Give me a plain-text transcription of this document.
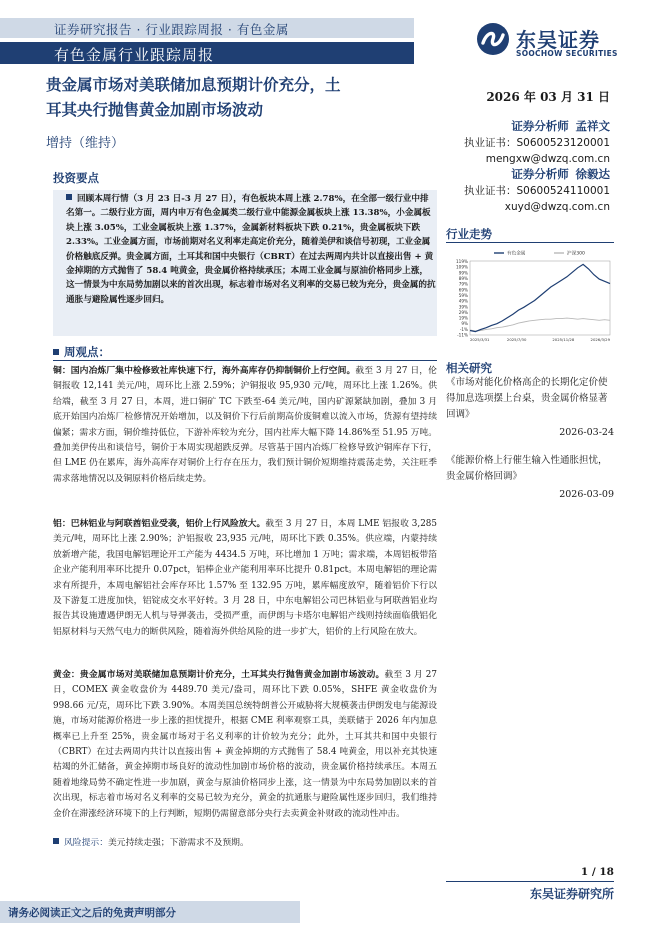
证券研究报告 · 行业跟踪周报 · 有色金属
有色金属行业跟踪周报
东吴证券
SOOCHOW SECURITIES
贵金属市场对美联储加息预期计价充分，土
耳其央行抛售黄金加剧市场波动
增持（维持）
2026 年 03 月 31 日
证券分析师 孟祥文
执业证书：S0600523120001
mengxw@dwzq.com.cn
证券分析师 徐毅达
执业证书：S0600524110001
xuyd@dwzq.com.cn
投资要点
回顾本周行情（3 月 23 日-3 月 27 日），有色板块本周上涨 2.78%，在全部一级行业中排名第一。二级行业方面，周内申万有色金属类二级行业中能源金属板块上涨 13.38%，小金属板块上涨 3.05%，工业金属板块上涨 1.37%，金属新材料板块下跌 0.21%，贵金属板块下跌 2.33%。工业金属方面，市场前期对名义利率走高定价充分，随着美伊和谈信号初现，工业金属价格触底反弹。贵金属方面，土耳其和国中央银行（CBRT）在过去两周内共计以直接出售 + 黄金掉期的方式抛售了 58.4 吨黄金，贵金属价格持续承压；本周工业金属与原油价格同步上涨，这一情景为中东局势加剧以来的首次出现，标志着市场对名义利率的交易已较为充分，贵金属的抗通胀与避险属性逐步回归。
行业走势
-11%
-1%
9%
19%
29%
39%
49%
59%
69%
79%
89%
99%
109%
119%
2025/3/31	2025/7/30	2025/11/28	2026/3/29
有色金属	沪深300
相关研究
《市场对能化价格高企的长期化定价使得加息选项摆上台桌，贵金属价格显著回调》
2026-03-24
《能源价格上行催生输入性通胀担忧，贵金属价格回调》
2026-03-09
周观点：
铜：国内冶炼厂集中检修致社库快速下行，海外高库存仍抑制铜价上行空间。截至 3 月 27 日，伦铜报收 12,141 美元/吨，周环比上涨 2.59%；沪铜报收 95,930 元/吨，周环比上涨 1.26%。供给端，截至 3 月 27 日，本周，进口铜矿 TC 下跌至-64 美元/吨，国内矿源紧缺加剧，叠加 3 月底开始国内冶炼厂检修情况开始增加，以及铜价下行后前期高价废铜难以流入市场，货源有望持续偏紧；需求方面，铜价维持低位，下游补库较为充分，国内社库大幅下降 14.86%至 51.95 万吨。叠加美伊传出和谈信号，铜价于本周实现超跌反弹。尽管基于国内冶炼厂检修导致沪铜库存下行，但 LME 仍在累库，海外高库存对铜价上行存在压力，我们预计铜价短期维持震荡走势，关注旺季需求落地情况以及铜原料价格后续走势。
铝：巴林铝业与阿联酋铝业受袭，铝价上行风险放大。截至 3 月 27 日，本周 LME 铝报收 3,285 美元/吨，周环比上涨 2.90%；沪铝报收 23,935 元/吨，周环比下跌 0.35%。供应端，内蒙持续放新增产能，我国电解铝理论开工产能为 4434.5 万吨，环比增加 1 万吨；需求端，本周铝板带箔企业产能利用率环比提升 0.07pct，铝棒企业产能利用率环比提升 0.81pct。本周电解铝的理论需求有所提升，本周电解铝社会库存环比 1.57% 至 132.95 万吨，累库幅度放窄，随着铝价下行以及下游复工进度加快，铝锭成交水平好转。3 月 28 日，中东电解铝公司巴林铝业与阿联酋铝业均报告其设施遭遇伊朗无人机与导弹袭击，受损严重，而伊朗与卡塔尔电解铝产线则持续面临俄铝化铝原材料与天然气电力的断供风险，随着海外供给风险的进一步扩大，铝价的上行风险在放大。
黄金：贵金属市场对美联储加息预期计价充分，土耳其央行抛售黄金加剧市场波动。截至 3 月 27 日，COMEX 黄金收盘价为 4489.70 美元/盎司，周环比下跌 0.05%，SHFE 黄金收盘价为 998.66 元/克，周环比下跌 3.90%。本周美国总统特朗普公开威胁将大规模袭击伊朗发电与能源设施，市场对能源价格进一步上涨的担忧提升，根据 CME 利率观察工具，美联储于 2026 年内加息概率已上升至 25%，贵金属市场对于名义利率的计价较为充分；此外，土耳其共和国中央银行（CBRT）在过去两周内共计以直接出售 + 黄金掉期的方式抛售了 58.4 吨黄金，用以补充其快速枯竭的外汇储备，黄金掉期市场良好的流动性加剧市场价格的波动，贵金属价格持续承压。本周五随着地缘局势不确定性进一步加剧，黄金与原油价格同步上涨，这一情景为中东局势加剧以来的首次出现，标志着市场对名义利率的交易已较为充分，黄金的抗通胀与避险属性逐步回归，我们维持金价在滞涨经济环境下的上行判断，短期仍需留意部分央行去卖黄金补财政的流动性冲击。
风险提示：美元持续走强；下游需求不及预期。
1 / 18
东吴证券研究所
请务必阅读正文之后的免责声明部分
